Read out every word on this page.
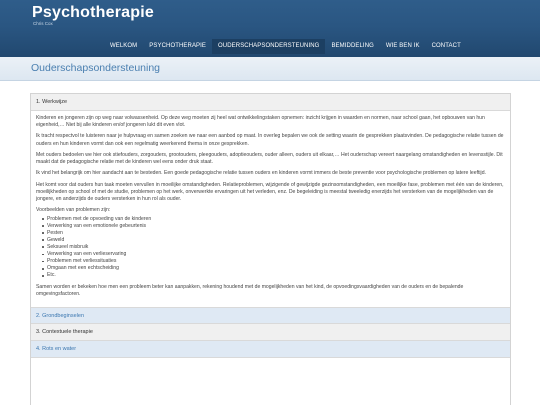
Psychotherapie
Chris Cox
WELKOM	PSYCHOTHERAPIE	OUDERSCHAPSONDERSTEUNING	BEMIDDELING	WIE BEN IK	CONTACT
Ouderschapsondersteuning
1. Werkwijze

Kinderen en jongeren zijn op weg naar volwassenheid. Op deze weg moeten zij heel wat ontwikkelingstaken opnemen: inzicht krijgen in waarden en normen, naar school gaan, het opbouwen van hun eigenheid,… Niet bij alle kinderen en/of jongeren lukt dit even vlot.

Ik tracht respectvol te luisteren naar je hulpvraag en samen zoeken we naar een aanbod op maat. In overleg bepalen we ook de setting waarin de gesprekken plaatsvinden. De pedagogische relatie tussen de ouders en hun kinderen vormt dan ook een regelmatig weerkerend thema in onze gesprekken.

Met ouders bedoelen we hier ook stiefouders, zorgouders, grootouders, pleegouders, adoptieouders, ouder alleen, ouders uit elkaar,… Het ouderschap vereert naargelang omstandigheden en levensstijle. Dit maakt dat de pedagogische relatie met de kinderen wel eens onder druk staat.

Ik vind het belangrijk om hier aandacht aan te besteden. Een goede pedagogische relatie tussen ouders en kinderen vormt immers de beste preventie voor psychologische problemen op latere leeftijd.

Het komt voor dat ouders hun taak moeten vervullen in moeilijke omstandigheden. Relatieproblemen, wijzigende of gewijzigde gezinsomstandigheden, een moeilijke fase, problemen met één van de kinderen, moeilijkheden op school of met de studie, problemen op het werk, onverwerkte ervaringen uit het verleden, enz. De begeleiding is meestal tweeledig enerzijds het versterken van de mogelijkheden van de jongere, en anderzijds de ouders versterken in hun rol als ouder.

Voorbeelden van problemen zijn:

Problemen met de opvoeding van de kinderen
Verwerking van een emotionele gebeurtenis
Pesten
Geweld
Seksueel misbruik
Verwerking van een verlieservaring
Problemen met verliessituaties
Omgaan met een echtscheiding
Etc.

Samen worden er bekeken hoe men een probleem beter kan aanpakken, rekening houdend met de mogelijkheden van het kind, de opvoedingsvaardigheden van de ouders en de bepalende omgevingsfactoren.

2. Grondbeginselen
3. Contextuele therapie
4. Rots en water
